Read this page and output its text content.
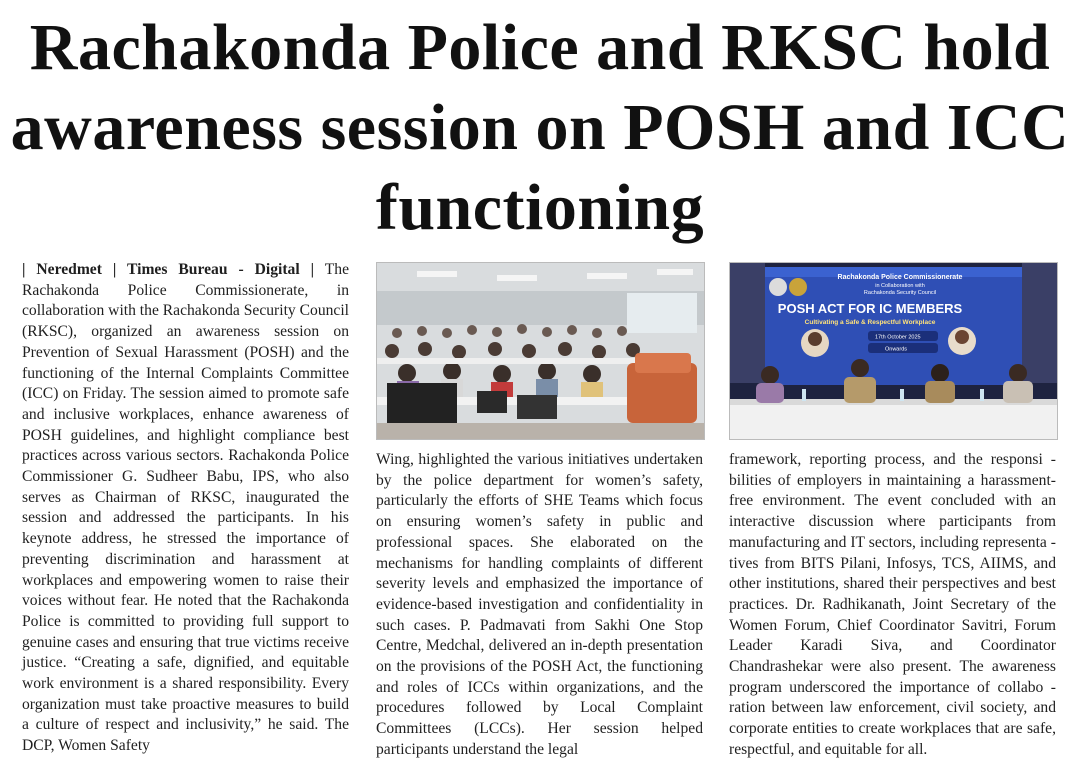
Rachakonda Police and RKSC hold awareness session on POSH and ICC functioning

| Neredmet | Times Bureau - Digital | The Rachakonda Police Commissionerate, in collaboration with the Rachakonda Security Council (RKSC), organized an awareness session on Prevention of Sexual Harassment (POSH) and the functioning of the Internal Complaints Committee (ICC) on Friday. The session aimed to promote safe and inclusive workplaces, enhance awareness of POSH guidelines, and highlight compliance best practices across various sectors. Rachakonda Police Commissioner G. Sudheer Babu, IPS, who also serves as Chairman of RKSC, inaugurated the session and addressed the participants. In his keynote address, he stressed the importance of preventing discrimination and harassment at workplaces and empowering women to raise their voices without fear. He noted that the Rachakonda Police is committed to providing full support to genuine cases and ensuring that true victims receive justice. “Creating a safe, dignified, and equitable work environment is a shared responsibility. Every organization must take proactive measures to build a culture of respect and inclusivity,” he said. The DCP, Women Safety

Rachakonda Police Commissionerate
in Collaboration with
Rachakonda Security Council
POSH ACT FOR IC MEMBERS
Cultivating a Safe & Respectful Workplace
17th October 2025
Onwards

Wing, highlighted the various initiatives undertaken by the police department for women’s safety, particularly the efforts of SHE Teams which focus on ensuring women’s safety in public and professional spaces. She elaborated on the mechanisms for handling complaints of different severity levels and emphasized the importance of evidence-based investigation and confidentiality in such cases. P. Padmavati from Sakhi One Stop Centre, Medchal, delivered an in-depth presentation on the provisions of the POSH Act, the functioning and roles of ICCs within organizations, and the procedures followed by Local Complaint Committees (LCCs). Her session helped participants understand the legal

framework, reporting process, and the responsi - bilities of employers in maintaining a harassment-free environment. The event concluded with an interactive discussion where participants from manufacturing and IT sectors, including representa -tives from BITS Pilani, Infosys, TCS, AIIMS, and other institutions, shared their perspectives and best practices. Dr. Radhikanath, Joint Secretary of the Women Forum, Chief Coordinator Savitri, Forum Leader Karadi Siva, and Coordinator Chandrashekar were also present. The awareness program underscored the importance of collabo - ration between law enforcement, civil society, and corporate entities to create workplaces that are safe, respectful, and equitable for all.
